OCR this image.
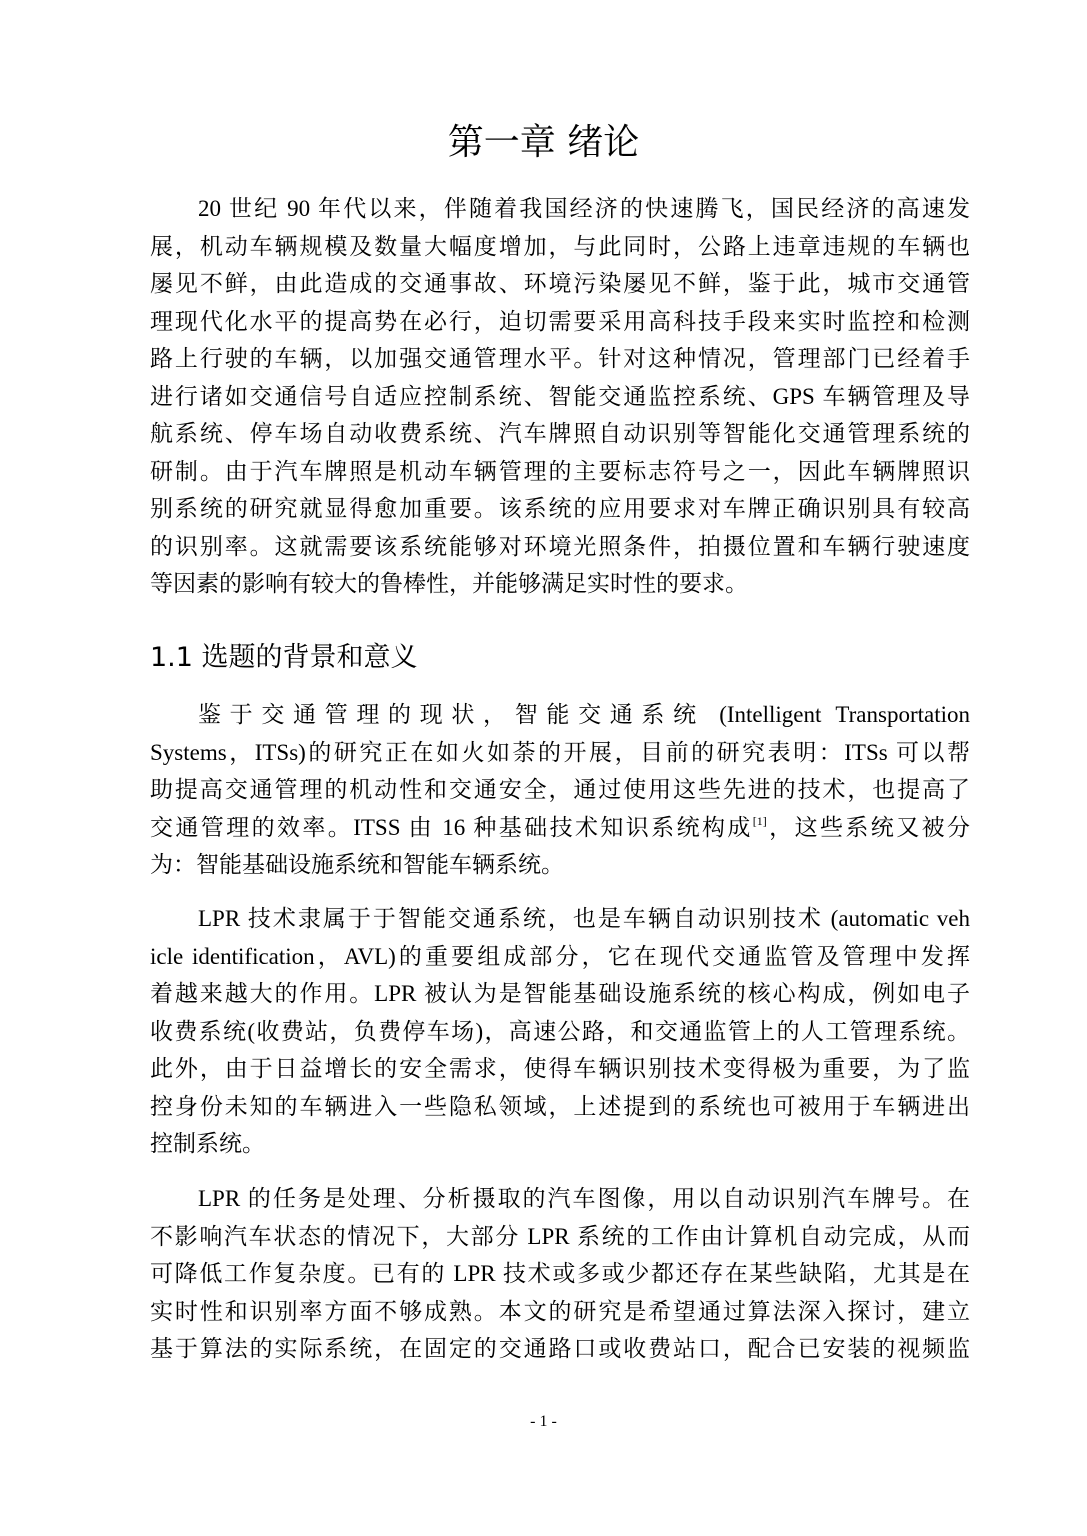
第一章 绪论
20 世纪 90 年代以来，伴随着我国经济的快速腾飞，国民经济的高速发
展，机动车辆规模及数量大幅度增加，与此同时，公路上违章违规的车辆也
屡见不鲜，由此造成的交通事故、环境污染屡见不鲜，鉴于此，城市交通管
理现代化水平的提高势在必行，迫切需要采用高科技手段来实时监控和检测
路上行驶的车辆，以加强交通管理水平。针对这种情况，管理部门已经着手
进行诸如交通信号自适应控制系统、智能交通监控系统、GPS 车辆管理及导
航系统、停车场自动收费系统、汽车牌照自动识别等智能化交通管理系统的
研制。由于汽车牌照是机动车辆管理的主要标志符号之一，因此车辆牌照识
别系统的研究就显得愈加重要。该系统的应用要求对车牌正确识别具有较高
的识别率。这就需要该系统能够对环境光照条件，拍摄位置和车辆行驶速度
等因素的影响有较大的鲁棒性，并能够满足实时性的要求。
1.1 选题的背景和意义
鉴于交通管理的现状，智能交通系统 (Intelligent Transportation
Systems，ITSs)的研究正在如火如荼的开展，目前的研究表明：ITSs 可以帮
助提高交通管理的机动性和交通安全，通过使用这些先进的技术，也提高了
交通管理的效率。ITSS 由 16 种基础技术知识系统构成[1]，这些系统又被分
为：智能基础设施系统和智能车辆系统。
LPR 技术隶属于于智能交通系统，也是车辆自动识别技术 (automatic veh
icle identification，AVL)的重要组成部分，它在现代交通监管及管理中发挥
着越来越大的作用。LPR 被认为是智能基础设施系统的核心构成，例如电子
收费系统(收费站，负费停车场)，高速公路，和交通监管上的人工管理系统。
此外，由于日益增长的安全需求，使得车辆识别技术变得极为重要，为了监
控身份未知的车辆进入一些隐私领域，上述提到的系统也可被用于车辆进出
控制系统。
LPR 的任务是处理、分析摄取的汽车图像，用以自动识别汽车牌号。在
不影响汽车状态的情况下，大部分 LPR 系统的工作由计算机自动完成，从而
可降低工作复杂度。已有的 LPR 技术或多或少都还存在某些缺陷，尤其是在
实时性和识别率方面不够成熟。本文的研究是希望通过算法深入探讨，建立
基于算法的实际系统，在固定的交通路口或收费站口，配合已安装的视频监
- 1 -
